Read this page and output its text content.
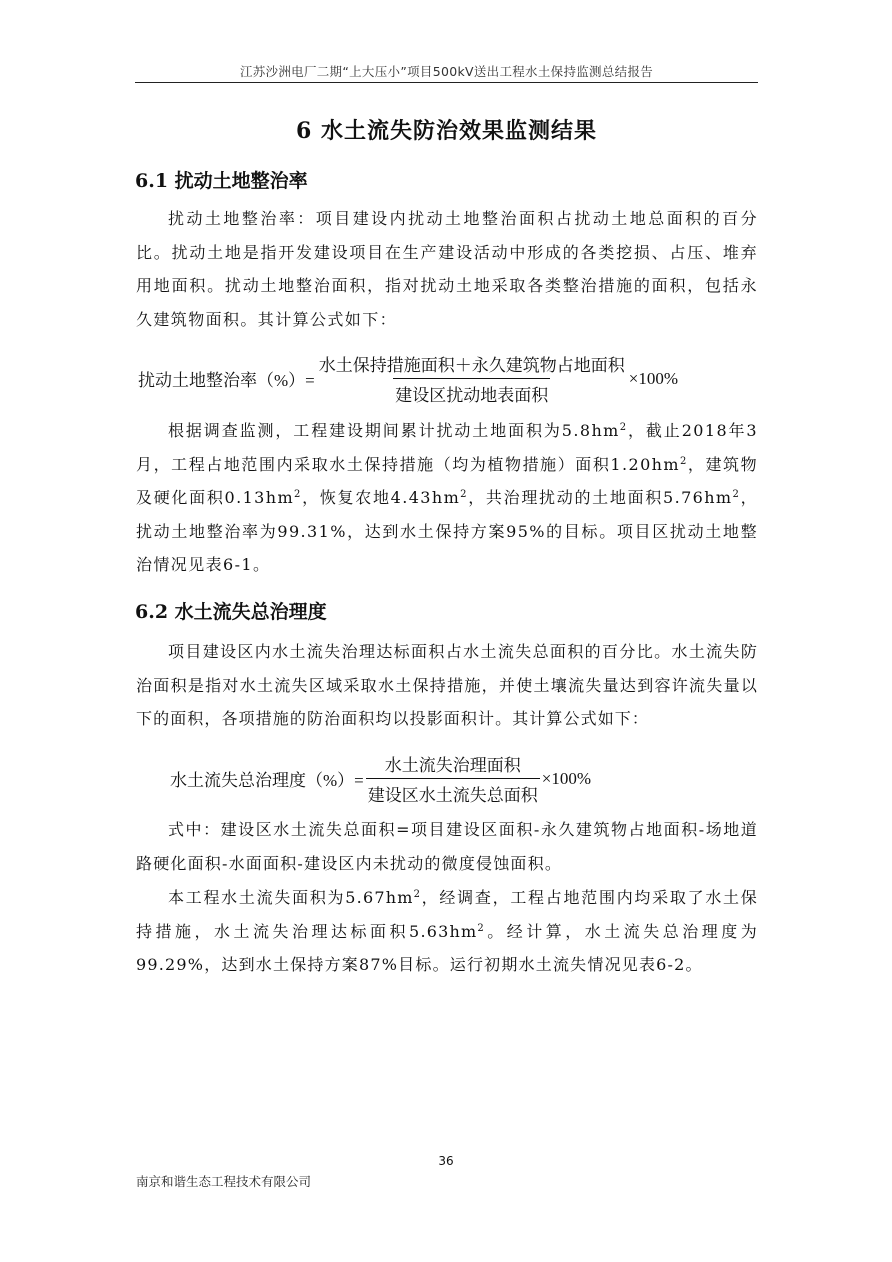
江苏沙洲电厂二期“上大压小”项目500kV送出工程水土保持监测总结报告
6 水土流失防治效果监测结果
6.1 扰动土地整治率

扰动土地整治率：项目建设内扰动土地整治面积占扰动土地总面积的百分比。扰动土地是指开发建设项目在生产建设活动中形成的各类挖损、占压、堆弃用地面积。扰动土地整治面积，指对扰动土地采取各类整治措施的面积，包括永久建筑物面积。其计算公式如下：

扰动土地整治率（%）= $\frac{\text{水土保持措施面积＋永久建筑物占地面积}}{\text{建设区扰动地表面积}} \times 100\%$

根据调查监测，工程建设期间累计扰动土地面积为$5.8hm^2$，截止2018年3月，工程占地范围内采取水土保持措施（均为植物措施）面积$1.20hm^2$，建筑物及硬化面积$0.13hm^2$，恢复农地$4.43hm^2$，共治理扰动的土地面积$5.76hm^2$，扰动土地整治率为99.31%，达到水土保持方案95%的目标。项目区扰动土地整治情况见表6-1。

6.2 水土流失总治理度

项目建设区内水土流失治理达标面积占水土流失总面积的百分比。水土流失防治面积是指对水土流失区域采取水土保持措施，并使土壤流失量达到容许流失量以下的面积，各项措施的防治面积均以投影面积计。其计算公式如下：

水土流失总治理度（%）= $\frac{\text{水土流失治理面积}}{\text{建设区水土流失总面积}} \times 100\%$

式中：建设区水土流失总面积=项目建设区面积-永久建筑物占地面积-场地道路硬化面积-水面面积-建设区内未扰动的微度侵蚀面积。

本工程水土流失面积为$5.67hm^2$，经调查，工程占地范围内均采取了水土保持措施，水土流失治理达标面积$5.63hm^2$。经计算，水土流失总治理度为99.29%，达到水土保持方案87%目标。运行初期水土流失情况见表6-2。

36
南京和谐生态工程技术有限公司
